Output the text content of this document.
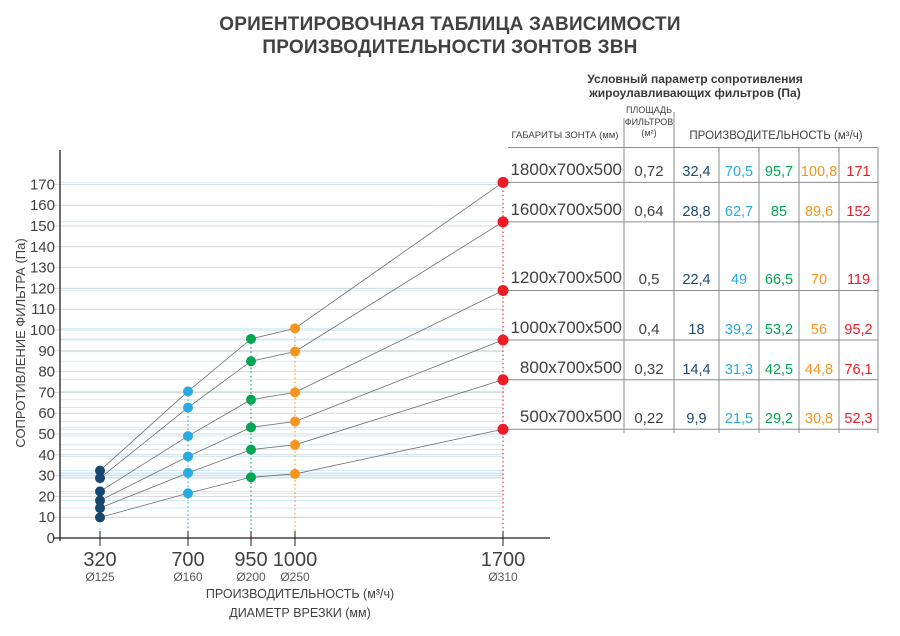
320
Ø125
700
Ø160
950
Ø200
1000
Ø250
1700
Ø310
0
10
20
30
40
50
60
70
80
90
100
110
120
130
140
150
160
170
ПРОИЗВОДИТЕЛЬНОСТЬ (м³/ч)
ДИАМЕТР ВРЕЗКИ (мм)
СОПРОТИВЛЕНИЕ ФИЛЬТРА (Па)
ОРИЕНТИРОВОЧНАЯ ТАБЛИЦА ЗАВИСИМОСТИ
ПРОИЗВОДИТЕЛЬНОСТИ ЗОНТОВ ЗВН
Условный параметр сопротивления
жироулавливающих фильтров (Па)
ГАБАРИТЫ ЗОНТА (мм)
ПЛОЩАДЬ
ФИЛЬТРОВ
(м²)	ПРОИЗВОДИТЕЛЬНОСТЬ (м³/ч)
1800x700x500 0,72	32,4 70,5 95,7 100,8 171
1600x700x500 0,64	28,8 62,7	85	89,6 152
1200x700x500	0,5	22,4	49	66,5	70	119
1000x700x500	0,4	18	39,2 53,2	56	95,2
800x700x500 0,32	14,4 31,3 42,5 44,8 76,1
500x700x500 0,22	9,9	21,5 29,2 30,8 52,3
